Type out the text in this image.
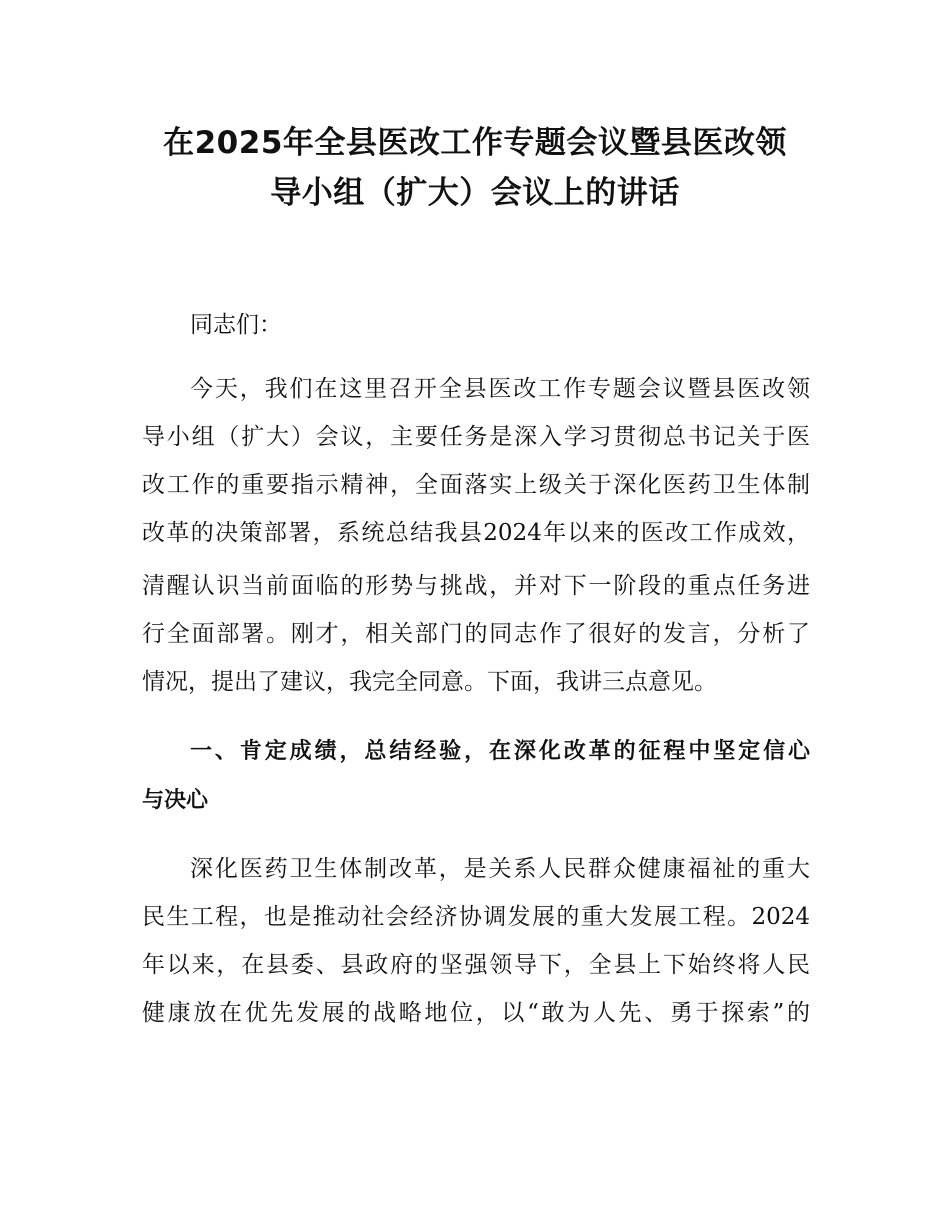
在2025年全县医改工作专题会议暨县医改领
导小组（扩大）会议上的讲话
同志们：
今天，我们在这里召开全县医改工作专题会议暨县医改领
导小组（扩大）会议，主要任务是深入学习贯彻总书记关于医
改工作的重要指示精神，全面落实上级关于深化医药卫生体制
改革的决策部署，系统总结我县2024年以来的医改工作成效，
清醒认识当前面临的形势与挑战，并对下一阶段的重点任务进
行全面部署。刚才，相关部门的同志作了很好的发言，分析了
情况，提出了建议，我完全同意。下面，我讲三点意见。
一、肯定成绩，总结经验，在深化改革的征程中坚定信心
与决心
深化医药卫生体制改革，是关系人民群众健康福祉的重大
民生工程，也是推动社会经济协调发展的重大发展工程。2024
年以来，在县委、县政府的坚强领导下，全县上下始终将人民
健康放在优先发展的战略地位，以“敢为人先、勇于探索”的
